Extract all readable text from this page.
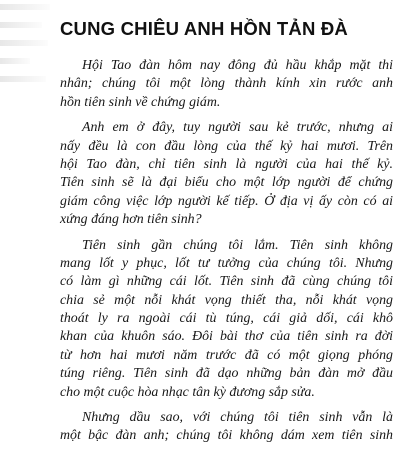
CUNG CHIÊU ANH HỒN TẢN ĐÀ

Hội Tao đàn hôm nay đông đủ hầu khắp mặt thi
nhân; chúng tôi một lòng thành kính xin rước anh
hồn tiên sinh về chứng giám.

Anh em ở đây, tuy người sau kẻ trước, nhưng ai
nấy đều là con đầu lòng của thế kỷ hai mươi. Trên
hội Tao đàn, chỉ tiên sinh là người của hai thế kỷ.
Tiên sinh sẽ là đại biểu cho một lớp người để chứng
giám công việc lớp người kế tiếp. Ở địa vị ấy còn có ai
xứng đáng hơn tiên sinh?

Tiên sinh gần chúng tôi lắm. Tiên sinh không
mang lốt y phục, lốt tư tưởng của chúng tôi. Nhưng
có làm gì những cái lốt. Tiên sinh đã cùng chúng tôi
chia sẻ một nỗi khát vọng thiết tha, nỗi khát vọng
thoát ly ra ngoài cái tù túng, cái giả dối, cái khô
khan của khuôn sáo. Đôi bài thơ của tiên sinh ra đời
từ hơn hai mươi năm trước đã có một giọng phóng
túng riêng. Tiên sinh đã dạo những bản đàn mở đầu
cho một cuộc hòa nhạc tân kỳ đương sắp sửa.

Nhưng dầu sao, với chúng tôi tiên sinh vẫn là
một bậc đàn anh; chúng tôi không dám xem tiên sinh
